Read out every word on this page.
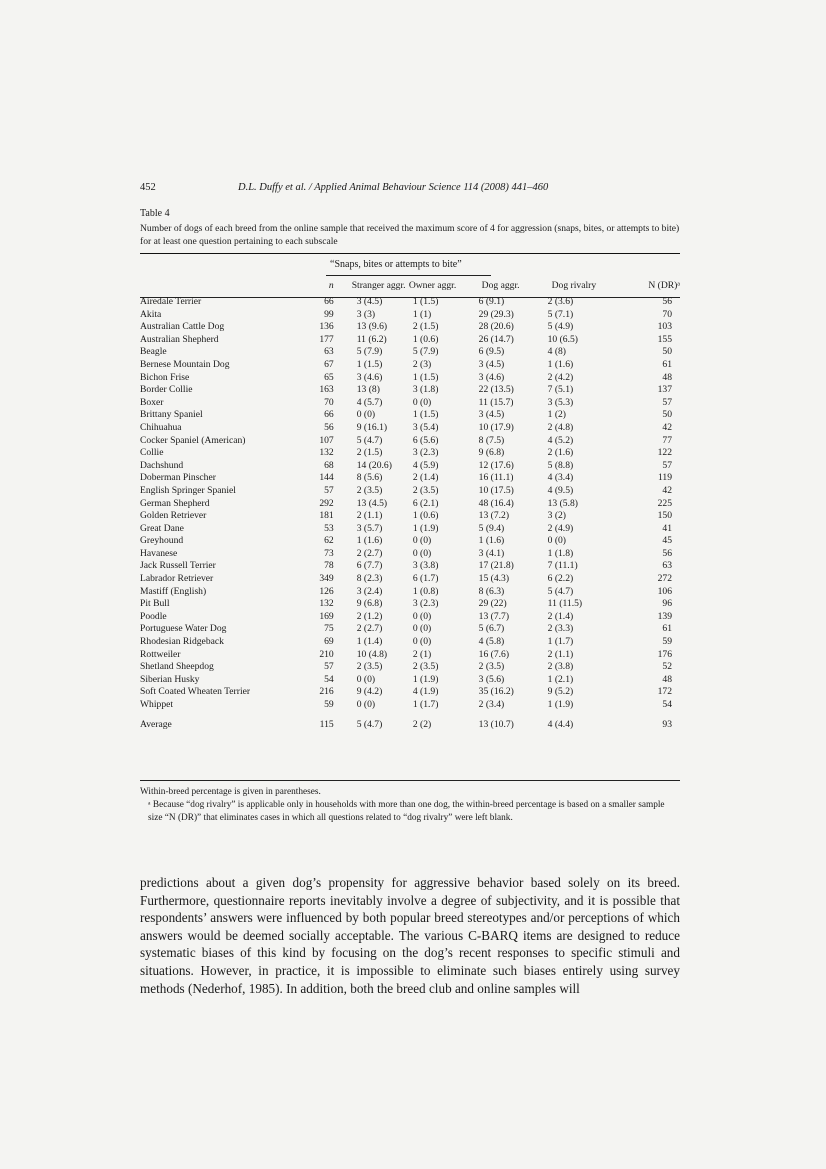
452	D.L. Duffy et al. / Applied Animal Behaviour Science 114 (2008) 441–460
Table 4
Number of dogs of each breed from the online sample that received the maximum score of 4 for aggression (snaps, bites, or attempts to bite) for at least one question pertaining to each subscale
“Snaps, bites or attempts to bite”
	n	Stranger aggr.	Owner aggr.	Dog aggr.	Dog rivalry	N (DR)ᵃ
Airedale Terrier	66	3 (4.5)	1 (1.5)	6 (9.1)	2 (3.6)	56
Akita	99	3 (3)	1 (1)	29 (29.3)	5 (7.1)	70
Australian Cattle Dog	136	13 (9.6)	2 (1.5)	28 (20.6)	5 (4.9)	103
Australian Shepherd	177	11 (6.2)	1 (0.6)	26 (14.7)	10 (6.5)	155
Beagle	63	5 (7.9)	5 (7.9)	6 (9.5)	4 (8)	50
Bernese Mountain Dog	67	1 (1.5)	2 (3)	3 (4.5)	1 (1.6)	61
Bichon Frise	65	3 (4.6)	1 (1.5)	3 (4.6)	2 (4.2)	48
Border Collie	163	13 (8)	3 (1.8)	22 (13.5)	7 (5.1)	137
Boxer	70	4 (5.7)	0 (0)	11 (15.7)	3 (5.3)	57
Brittany Spaniel	66	0 (0)	1 (1.5)	3 (4.5)	1 (2)	50
Chihuahua	56	9 (16.1)	3 (5.4)	10 (17.9)	2 (4.8)	42
Cocker Spaniel (American)	107	5 (4.7)	6 (5.6)	8 (7.5)	4 (5.2)	77
Collie	132	2 (1.5)	3 (2.3)	9 (6.8)	2 (1.6)	122
Dachshund	68	14 (20.6)	4 (5.9)	12 (17.6)	5 (8.8)	57
Doberman Pinscher	144	8 (5.6)	2 (1.4)	16 (11.1)	4 (3.4)	119
English Springer Spaniel	57	2 (3.5)	2 (3.5)	10 (17.5)	4 (9.5)	42
German Shepherd	292	13 (4.5)	6 (2.1)	48 (16.4)	13 (5.8)	225
Golden Retriever	181	2 (1.1)	1 (0.6)	13 (7.2)	3 (2)	150
Great Dane	53	3 (5.7)	1 (1.9)	5 (9.4)	2 (4.9)	41
Greyhound	62	1 (1.6)	0 (0)	1 (1.6)	0 (0)	45
Havanese	73	2 (2.7)	0 (0)	3 (4.1)	1 (1.8)	56
Jack Russell Terrier	78	6 (7.7)	3 (3.8)	17 (21.8)	7 (11.1)	63
Labrador Retriever	349	8 (2.3)	6 (1.7)	15 (4.3)	6 (2.2)	272
Mastiff (English)	126	3 (2.4)	1 (0.8)	8 (6.3)	5 (4.7)	106
Pit Bull	132	9 (6.8)	3 (2.3)	29 (22)	11 (11.5)	96
Poodle	169	2 (1.2)	0 (0)	13 (7.7)	2 (1.4)	139
Portuguese Water Dog	75	2 (2.7)	0 (0)	5 (6.7)	2 (3.3)	61
Rhodesian Ridgeback	69	1 (1.4)	0 (0)	4 (5.8)	1 (1.7)	59
Rottweiler	210	10 (4.8)	2 (1)	16 (7.6)	2 (1.1)	176
Shetland Sheepdog	57	2 (3.5)	2 (3.5)	2 (3.5)	2 (3.8)	52
Siberian Husky	54	0 (0)	1 (1.9)	3 (5.6)	1 (2.1)	48
Soft Coated Wheaten Terrier	216	9 (4.2)	4 (1.9)	35 (16.2)	9 (5.2)	172
Whippet	59	0 (0)	1 (1.7)	2 (3.4)	1 (1.9)	54

Average	115	5 (4.7)	2 (2)	13 (10.7)	4 (4.4)	93
Within-breed percentage is given in parentheses.
ᵃ Because “dog rivalry” is applicable only in households with more than one dog, the within-breed percentage is based on a smaller sample size “N (DR)” that eliminates cases in which all questions related to “dog rivalry” were left blank.

predictions about a given dog’s propensity for aggressive behavior based solely on its breed. Furthermore, questionnaire reports inevitably involve a degree of subjectivity, and it is possible that respondents’ answers were influenced by both popular breed stereotypes and/or perceptions of which answers would be deemed socially acceptable. The various C-BARQ items are designed to reduce systematic biases of this kind by focusing on the dog’s recent responses to specific stimuli and situations. However, in practice, it is impossible to eliminate such biases entirely using survey methods (Nederhof, 1985). In addition, both the breed club and online samples will
